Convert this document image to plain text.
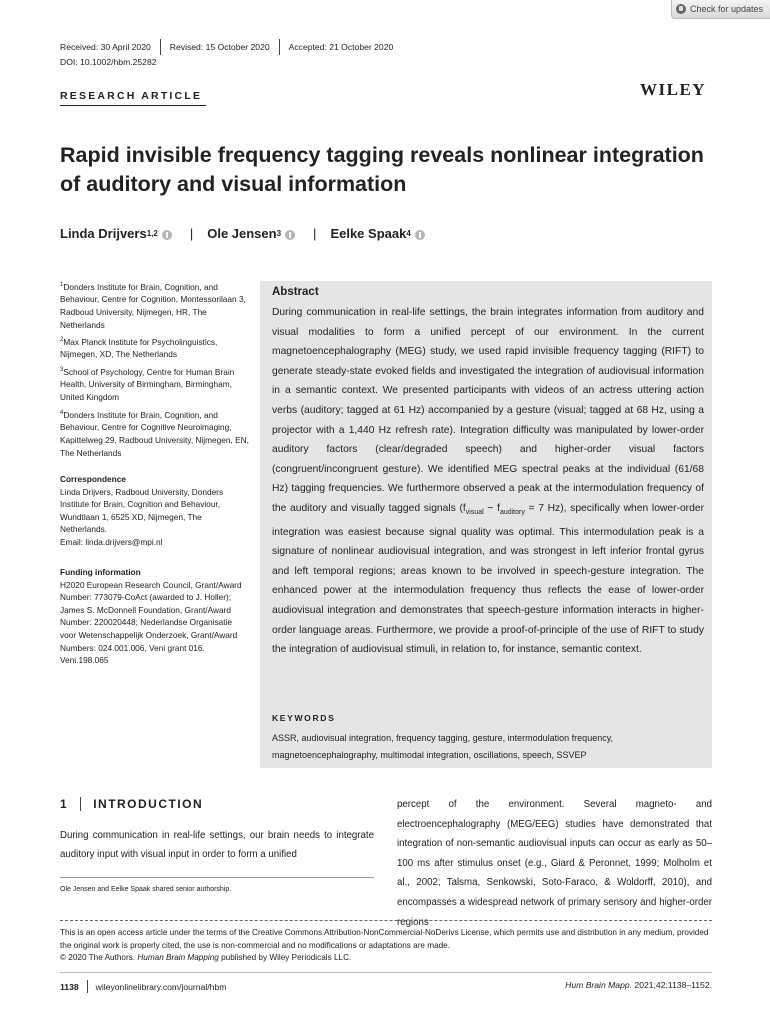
Check for updates
Received: 30 April 2020	Revised: 15 October 2020	Accepted: 21 October 2020
DOI: 10.1002/hbm.25282
RESEARCH ARTICLE	WILEY
Rapid invisible frequency tagging reveals nonlinear integration of auditory and visual information
Linda Drijvers 1,2 | Ole Jensen 3 | Eelke Spaak 4

$^1$Donders Institute for Brain, Cognition, and Behaviour, Centre for Cognition, Montessorilaan 3, Radboud University, Nijmegen, HR, The Netherlands

$^2$Max Planck Institute for Psycholinguistics, Nijmegen, XD, The Netherlands

$^3$School of Psychology, Centre for Human Brain Health, University of Birmingham, Birmingham, United Kingdom

$^4$Donders Institute for Brain, Cognition, and Behaviour, Centre for Cognitive Neuroimaging, Kapittelweg 29, Radboud University, Nijmegen, EN, The Netherlands

Correspondence

Linda Drijvers, Radboud University, Donders Institute for Brain, Cognition and Behaviour, Wundtlaan 1, 6525 XD, Nijmegen, The Netherlands.

Email: linda.drijvers@mpi.nl

Funding information

H2020 European Research Council, Grant/Award Number: 773079-CoAct (awarded to J. Holler); James S. McDonnell Foundation, Grant/Award Number: 220020448; Nederlandse Organisatie voor Wetenschappelijk Onderzoek, Grant/Award Numbers: 024.001.006, Veni grant 016. Veni.198.065

Abstract
During communication in real-life settings, the brain integrates information from auditory and visual modalities to form a unified percept of our environment. In the current magnetoencephalography (MEG) study, we used rapid invisible frequency tagging (RIFT) to generate steady-state evoked fields and investigated the integration of audiovisual information in a semantic context. We presented participants with videos of an actress uttering action verbs (auditory; tagged at 61 Hz) accompanied by a gesture (visual; tagged at 68 Hz, using a projector with a 1,440 Hz refresh rate). Integration difficulty was manipulated by lower-order auditory factors (clear/degraded speech) and higher-order visual factors (congruent/incongruent gesture). We identified MEG spectral peaks at the individual (61/68 Hz) tagging frequencies. We furthermore observed a peak at the intermodulation frequency of the auditory and visually tagged signals ($f_{visual} - f_{auditory} = 7$ Hz), specifically when lower-order integration was easiest because signal quality was optimal. This intermodulation peak is a signature of nonlinear audiovisual integration, and was strongest in left inferior frontal gyrus and left temporal regions; areas known to be involved in speech-gesture integration. The enhanced power at the intermodulation frequency thus reflects the ease of lower-order audiovisual integration and demonstrates that speech-gesture information interacts in higher-order language areas. Furthermore, we provide a proof-of-principle of the use of RIFT to study the integration of audiovisual stimuli, in relation to, for instance, semantic context.
KEYWORDS
ASSR, audiovisual integration, frequency tagging, gesture, intermodulation frequency, magnetoencephalography, multimodal integration, oscillations, speech, SSVEP
1 INTRODUCTION
During communication in real-life settings, our brain needs to integrate auditory input with visual input in order to form a unified
percept of the environment. Several magneto- and electroencephalography (MEG/EEG) studies have demonstrated that integration of non-semantic audiovisual inputs can occur as early as 50–100 ms after stimulus onset (e.g., Giard & Peronnet, 1999; Molholm et al., 2002; Talsma, Senkowski, Soto-Faraco, & Woldorff, 2010), and encompasses a widespread network of primary sensory and higher-order regions
Ole Jensen and Eelke Spaak shared senior authorship.
This is an open access article under the terms of the Creative Commons Attribution-NonCommercial-NoDerivs License, which permits use and distribution in any medium, provided the original work is properly cited, the use is non-commercial and no modifications or adaptations are made.
© 2020 The Authors. Human Brain Mapping published by Wiley Periodicals LLC.
1138 wileyonlinelibrary.com/journal/hbm	Hum Brain Mapp. 2021;42:1138–1152.
